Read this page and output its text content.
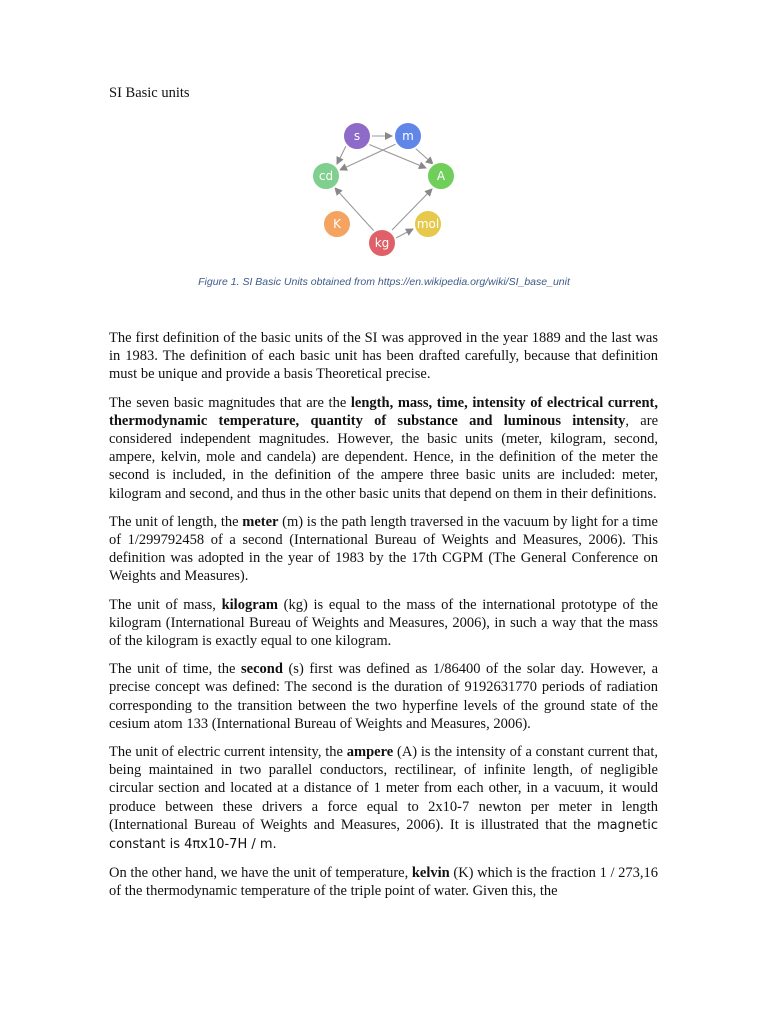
SI Basic units
s	m
cd	A
K	mol
kg

Figure 1. SI Basic Units obtained from https://en.wikipedia.org/wiki/SI_base_unit

The first definition of the basic units of the SI was approved in the year 1889 and the last was in 1983. The definition of each basic unit has been drafted carefully, because that definition must be unique and provide a basis Theoretical precise.

The seven basic magnitudes that are the length, mass, time, intensity of electrical current, thermodynamic temperature, quantity of substance and luminous intensity, are considered independent magnitudes. However, the basic units (meter, kilogram, second, ampere, kelvin, mole and candela) are dependent. Hence, in the definition of the meter the second is included, in the definition of the ampere three basic units are included: meter, kilogram and second, and thus in the other basic units that depend on them in their definitions.

The unit of length, the meter (m) is the path length traversed in the vacuum by light for a time of 1/299792458 of a second (International Bureau of Weights and Measures, 2006). This definition was adopted in the year of 1983 by the 17th CGPM (The General Conference on Weights and Measures).

The unit of mass, kilogram (kg) is equal to the mass of the international prototype of the kilogram (International Bureau of Weights and Measures, 2006), in such a way that the mass of the kilogram is exactly equal to one kilogram.

The unit of time, the second (s) first was defined as 1/86400 of the solar day. However, a precise concept was defined: The second is the duration of 9192631770 periods of radiation corresponding to the transition between the two hyperfine levels of the ground state of the cesium atom 133 (International Bureau of Weights and Measures, 2006).

The unit of electric current intensity, the ampere (A) is the intensity of a constant current that, being maintained in two parallel conductors, rectilinear, of infinite length, of negligible circular section and located at a distance of 1 meter from each other, in a vacuum, it would produce between these drivers a force equal to 2x10-7 newton per meter in length (International Bureau of Weights and Measures, 2006). It is illustrated that the magnetic constant is 4πx10-7H / m.

On the other hand, we have the unit of temperature, kelvin (K) which is the fraction 1 / 273,16 of the thermodynamic temperature of the triple point of water. Given this, the
